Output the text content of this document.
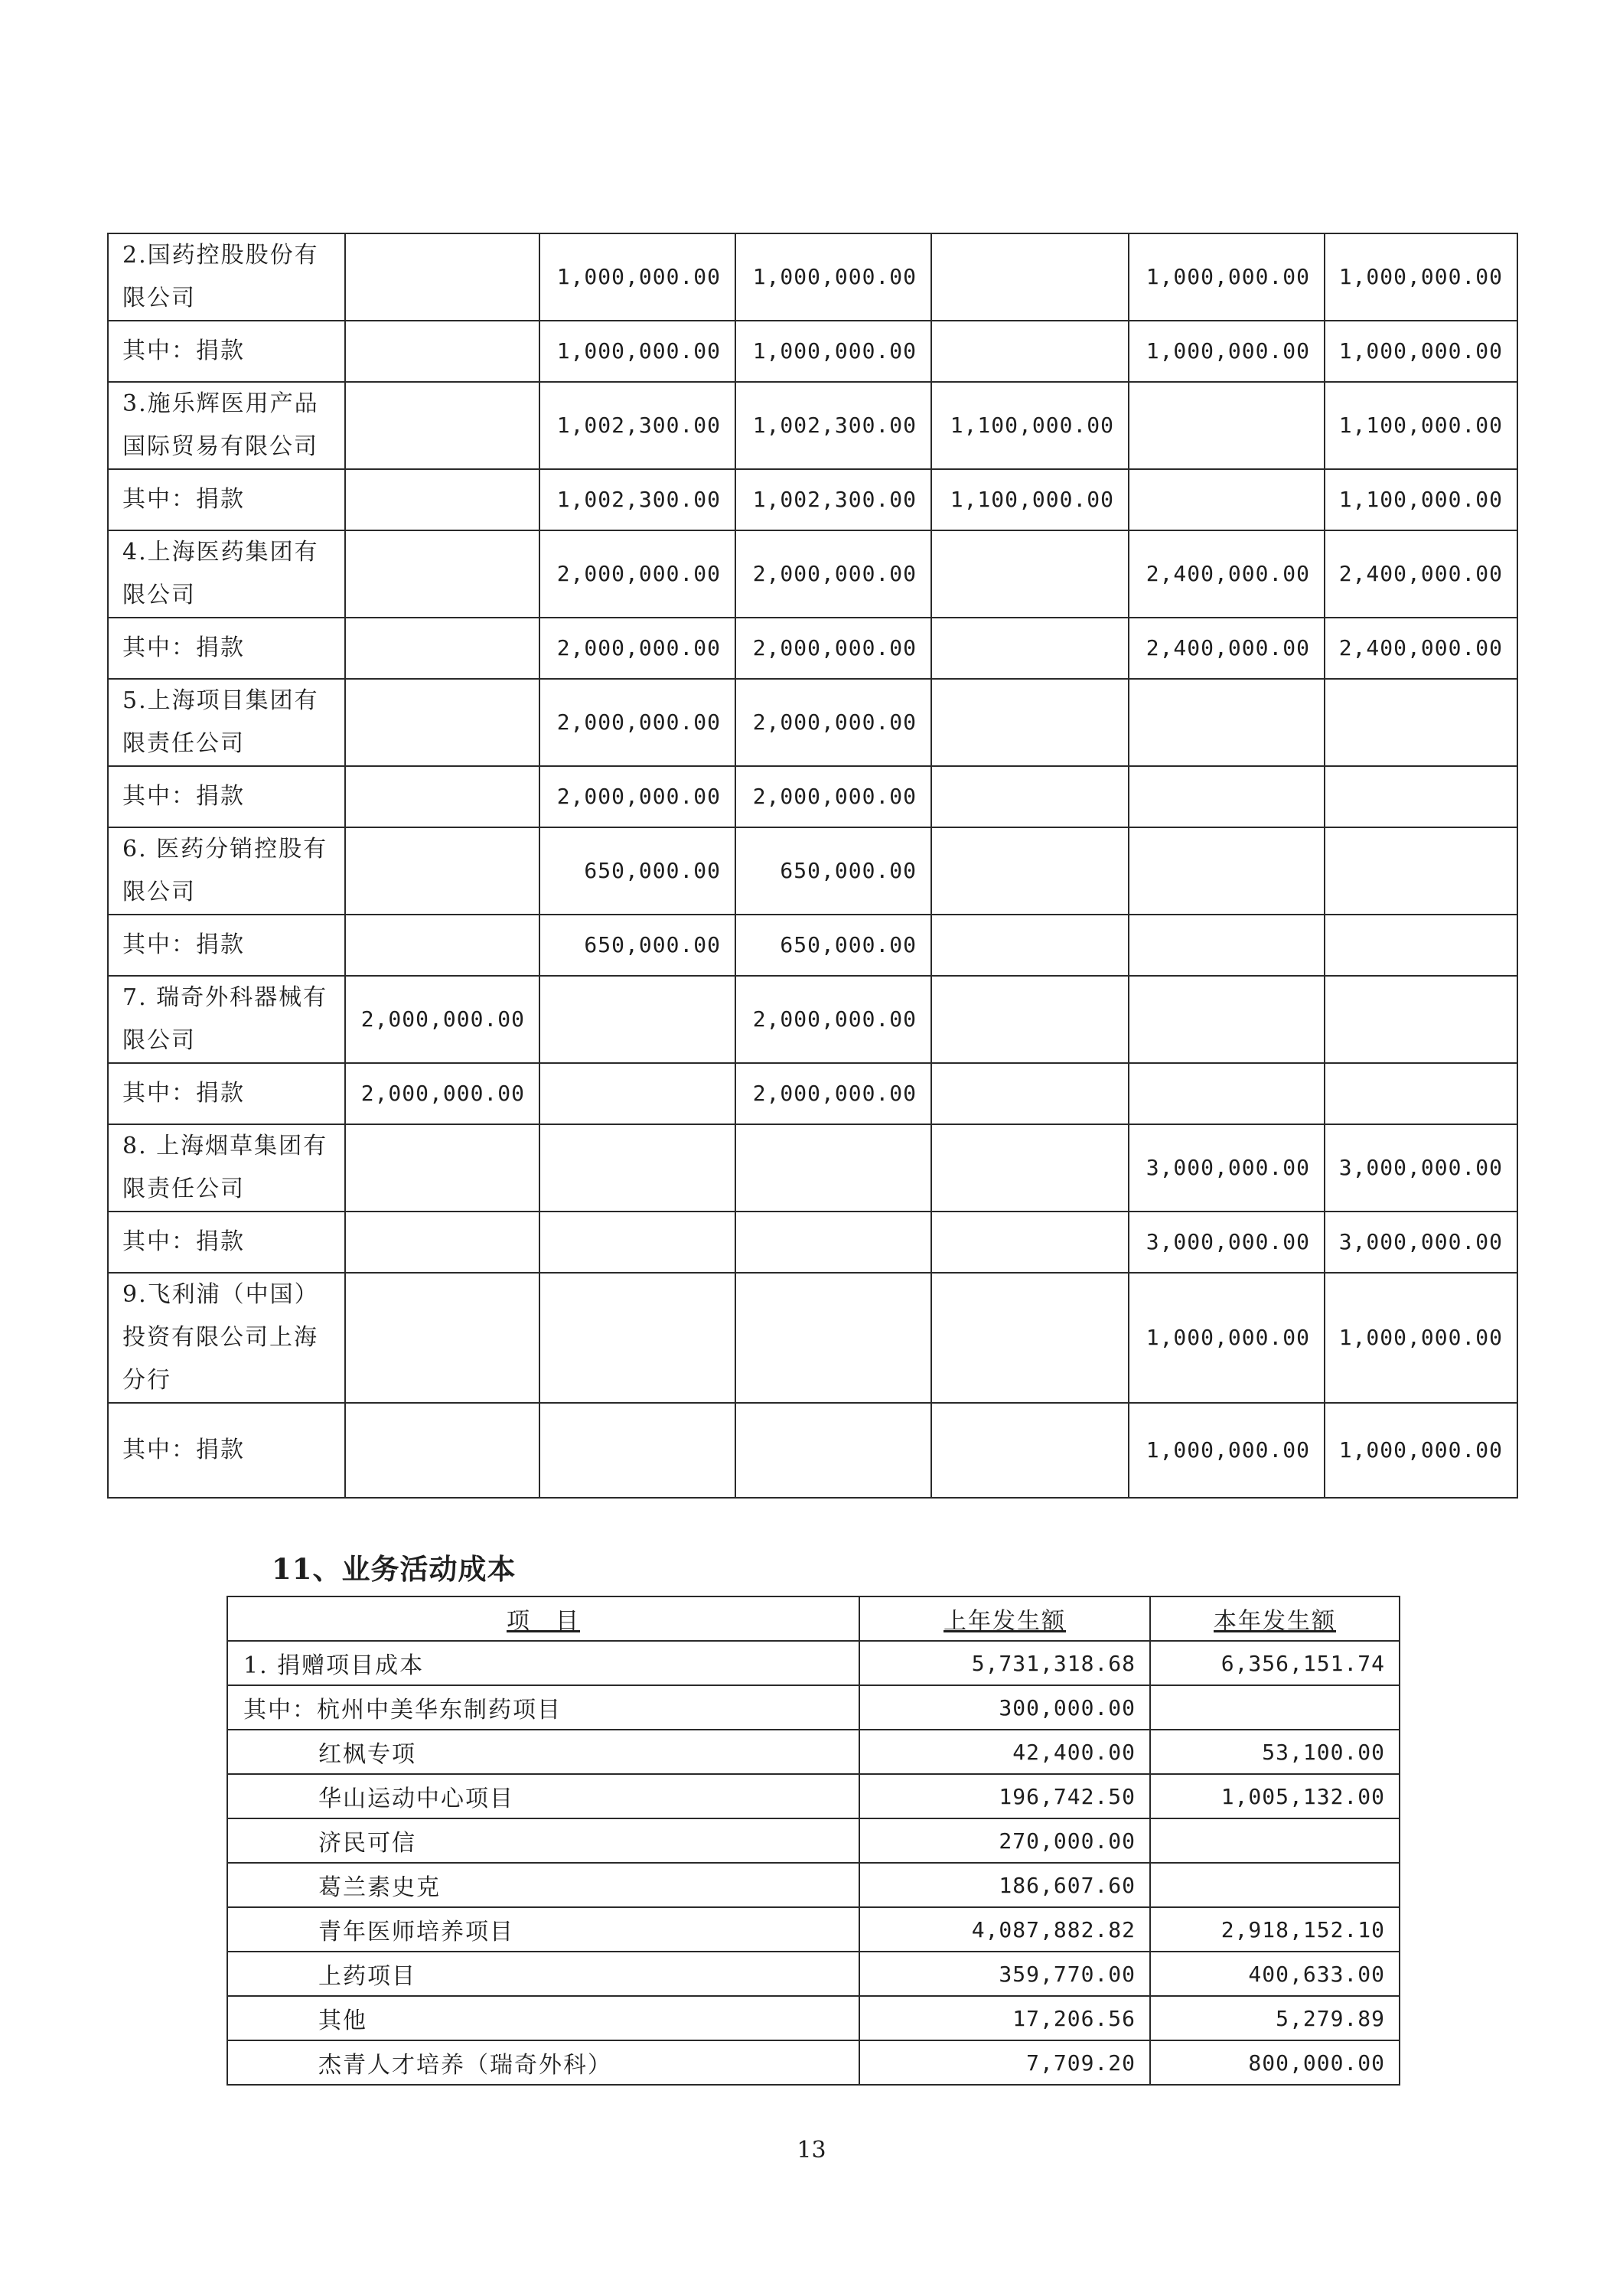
2.国药控股股份有限公司		1,000,000.00	1,000,000.00		1,000,000.00	1,000,000.00
其中：捐款		1,000,000.00	1,000,000.00		1,000,000.00	1,000,000.00
3.施乐辉医用产品国际贸易有限公司		1,002,300.00	1,002,300.00	1,100,000.00		1,100,000.00
其中：捐款		1,002,300.00	1,002,300.00	1,100,000.00		1,100,000.00
4.上海医药集团有限公司		2,000,000.00	2,000,000.00		2,400,000.00	2,400,000.00
其中：捐款		2,000,000.00	2,000,000.00		2,400,000.00	2,400,000.00
5.上海项目集团有限责任公司		2,000,000.00	2,000,000.00			
其中：捐款		2,000,000.00	2,000,000.00			
6. 医药分销控股有限公司		650,000.00	650,000.00			
其中：捐款		650,000.00	650,000.00			
7. 瑞奇外科器械有限公司	2,000,000.00		2,000,000.00			
其中：捐款	2,000,000.00		2,000,000.00			
8. 上海烟草集团有限责任公司					3,000,000.00	3,000,000.00
其中：捐款					3,000,000.00	3,000,000.00
9.飞利浦（中国）投资有限公司上海分行					1,000,000.00	1,000,000.00
其中：捐款					1,000,000.00	1,000,000.00
11、业务活动成本
项　目	上年发生额	本年发生额
1. 捐赠项目成本	5,731,318.68	6,356,151.74
其中：杭州中美华东制药项目	300,000.00	
红枫专项	42,400.00	53,100.00
华山运动中心项目	196,742.50	1,005,132.00
济民可信	270,000.00	
葛兰素史克	186,607.60	
青年医师培养项目	4,087,882.82	2,918,152.10
上药项目	359,770.00	400,633.00
其他	17,206.56	5,279.89
杰青人才培养（瑞奇外科）	7,709.20	800,000.00
13
